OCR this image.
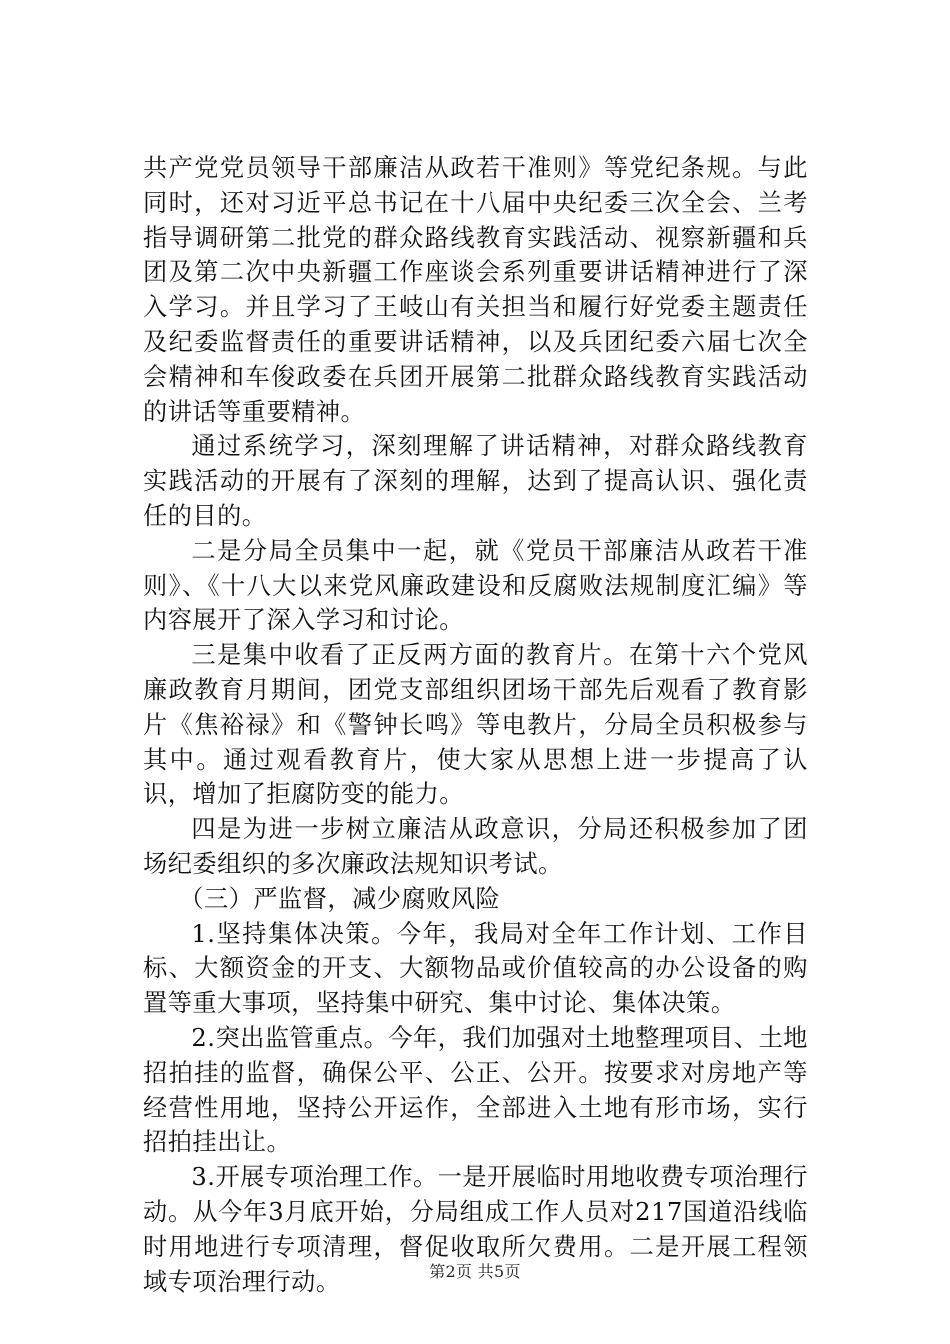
共产党党员领导干部廉洁从政若干准则》等党纪条规。与此同时，还对习近平总书记在十八届中央纪委三次全会、兰考指导调研第二批党的群众路线教育实践活动、视察新疆和兵团及第二次中央新疆工作座谈会系列重要讲话精神进行了深入学习。并且学习了王岐山有关担当和履行好党委主题责任及纪委监督责任的重要讲话精神，以及兵团纪委六届七次全会精神和车俊政委在兵团开展第二批群众路线教育实践活动的讲话等重要精神。

通过系统学习，深刻理解了讲话精神，对群众路线教育实践活动的开展有了深刻的理解，达到了提高认识、强化责任的目的。

二是分局全员集中一起，就《党员干部廉洁从政若干准则》、《十八大以来党风廉政建设和反腐败法规制度汇编》等内容展开了深入学习和讨论。

三是集中收看了正反两方面的教育片。在第十六个党风廉政教育月期间，团党支部组织团场干部先后观看了教育影片《焦裕禄》和《警钟长鸣》等电教片，分局全员积极参与其中。通过观看教育片，使大家从思想上进一步提高了认识，增加了拒腐防变的能力。

四是为进一步树立廉洁从政意识，分局还积极参加了团场纪委组织的多次廉政法规知识考试。

（三）严监督，减少腐败风险

1.坚持集体决策。今年，我局对全年工作计划、工作目标、大额资金的开支、大额物品或价值较高的办公设备的购置等重大事项，坚持集中研究、集中讨论、集体决策。

2.突出监管重点。今年，我们加强对土地整理项目、土地招拍挂的监督，确保公平、公正、公开。按要求对房地产等经营性用地，坚持公开运作，全部进入土地有形市场，实行招拍挂出让。

3.开展专项治理工作。一是开展临时用地收费专项治理行动。从今年3月底开始，分局组成工作人员对217国道沿线临时用地进行专项清理，督促收取所欠费用。二是开展工程领域专项治理行动。	第2页 共5页
